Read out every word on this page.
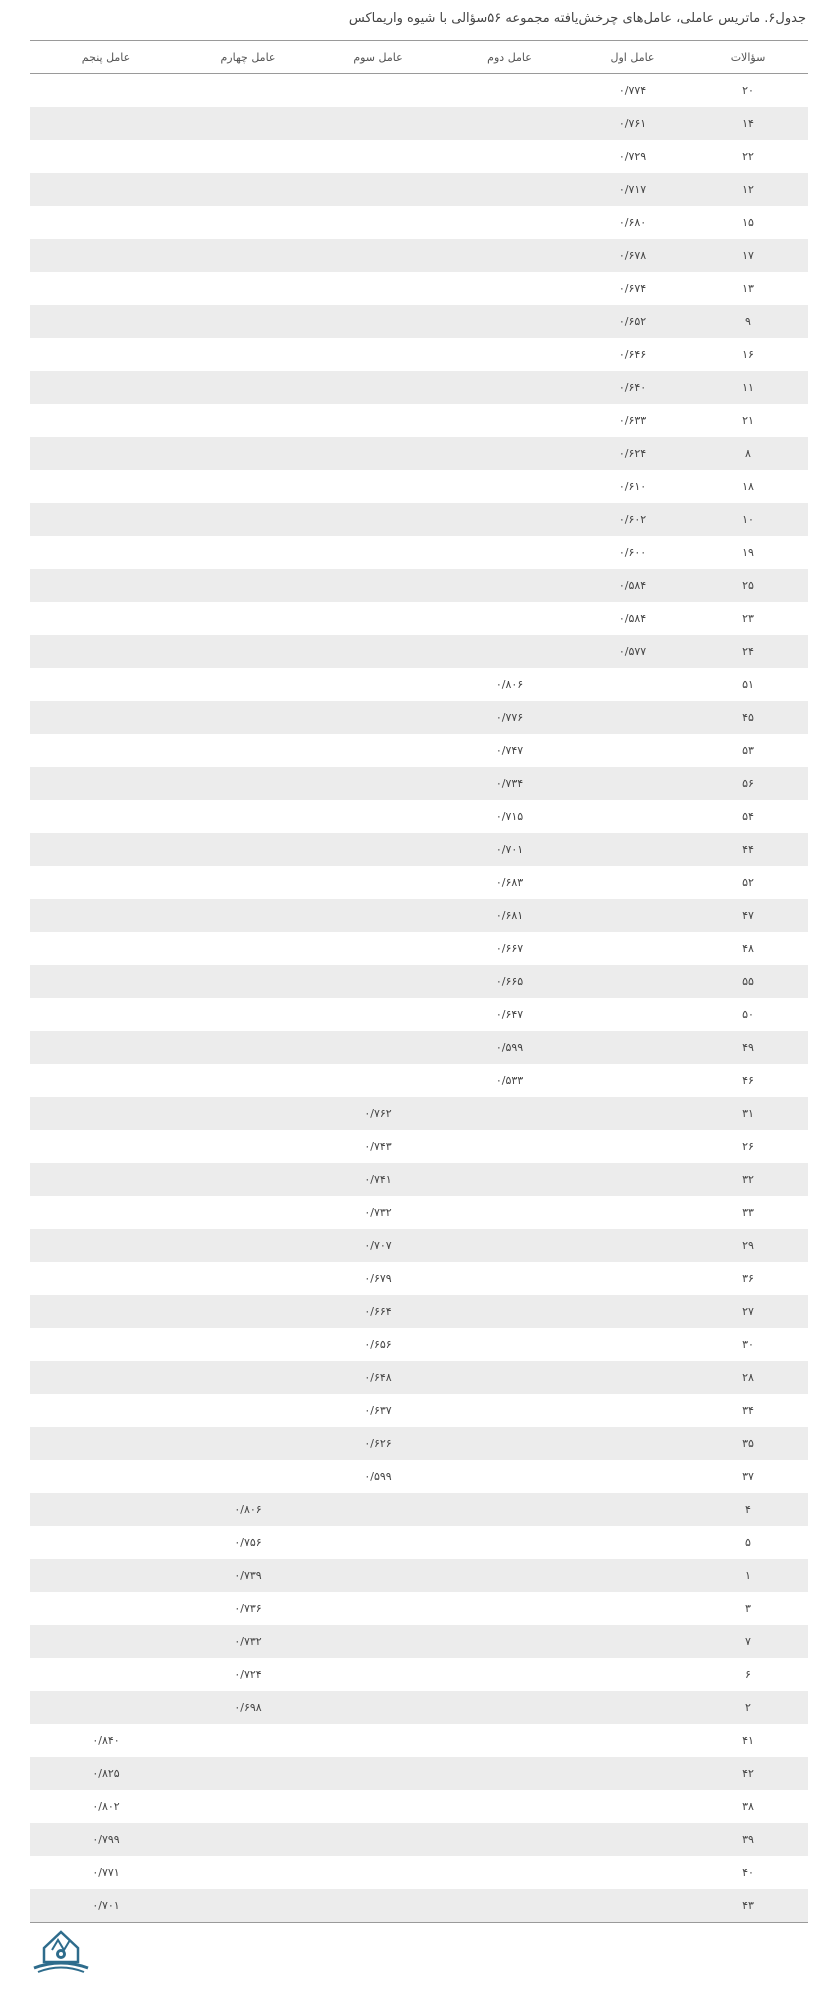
جدول۶. ماتریس عاملی، عامل‌های چرخش‌یافته مجموعه ۵۶سؤالی با شیوه واریماکس
سؤالات
عامل اول
عامل دوم
عامل سوم
عامل چهارم
عامل پنجم
۲۰
۰/۷۷۴
۱۴
۰/۷۶۱
۲۲
۰/۷۲۹
۱۲
۰/۷۱۷
۱۵
۰/۶۸۰
۱۷
۰/۶۷۸
۱۳
۰/۶۷۴
۹
۰/۶۵۲
۱۶
۰/۶۴۶
۱۱
۰/۶۴۰
۲۱
۰/۶۳۳
۸
۰/۶۲۴
۱۸
۰/۶۱۰
۱۰
۰/۶۰۲
۱۹
۰/۶۰۰
۲۵
۰/۵۸۴
۲۳
۰/۵۸۴
۲۴
۰/۵۷۷
۵۱
۰/۸۰۶
۴۵
۰/۷۷۶
۵۳
۰/۷۴۷
۵۶
۰/۷۳۴
۵۴
۰/۷۱۵
۴۴
۰/۷۰۱
۵۲
۰/۶۸۳
۴۷
۰/۶۸۱
۴۸
۰/۶۶۷
۵۵
۰/۶۶۵
۵۰
۰/۶۴۷
۴۹
۰/۵۹۹
۴۶
۰/۵۳۳
۳۱
۰/۷۶۲
۲۶
۰/۷۴۳
۳۲
۰/۷۴۱
۳۳
۰/۷۳۲
۲۹
۰/۷۰۷
۳۶
۰/۶۷۹
۲۷
۰/۶۶۴
۳۰
۰/۶۵۶
۲۸
۰/۶۴۸
۳۴
۰/۶۳۷
۳۵
۰/۶۲۶
۳۷
۰/۵۹۹
۴
۰/۸۰۶
۵
۰/۷۵۶
۱
۰/۷۳۹
۳
۰/۷۳۶
۷
۰/۷۳۲
۶
۰/۷۲۴
۲
۰/۶۹۸
۴۱
۰/۸۴۰
۴۲
۰/۸۲۵
۳۸
۰/۸۰۲
۳۹
۰/۷۹۹
۴۰
۰/۷۷۱
۴۳
۰/۷۰۱
